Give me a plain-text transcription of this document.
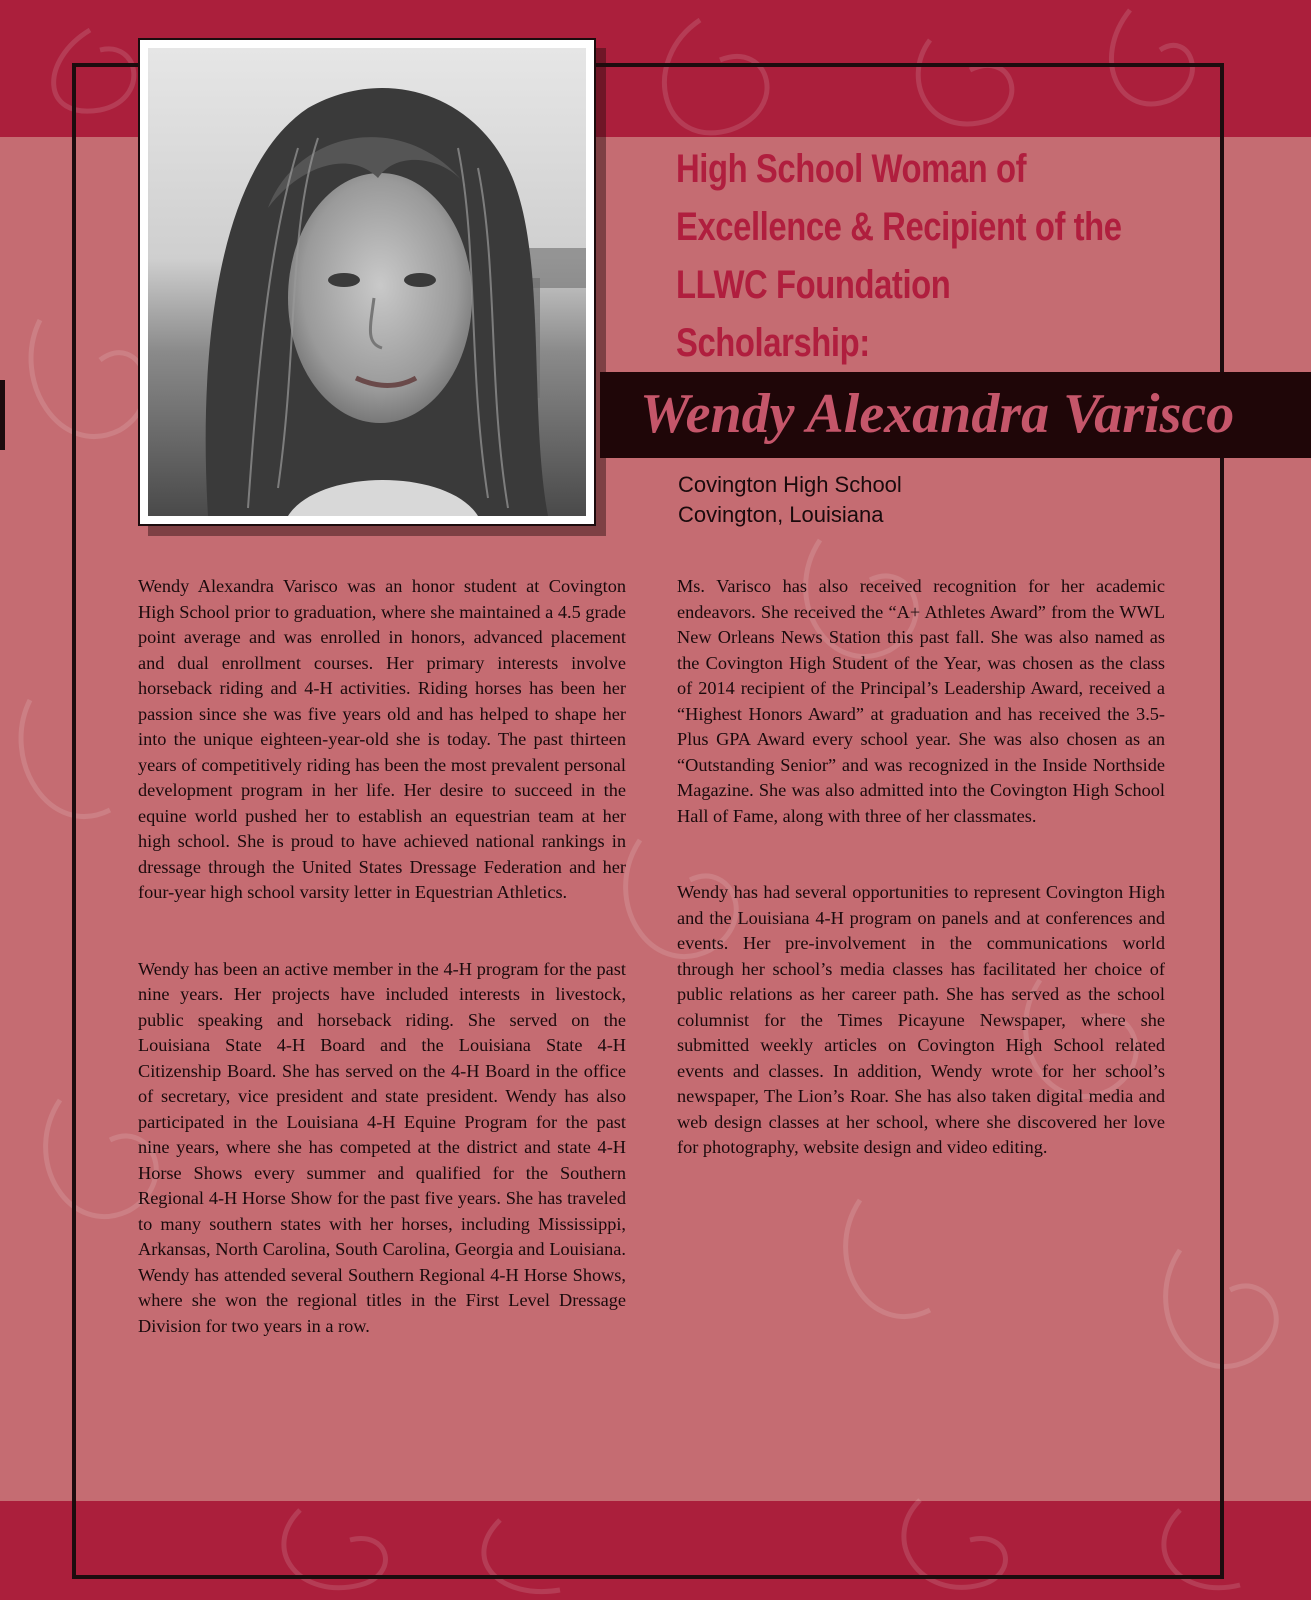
High School Woman of Excellence & Recipient of the LLWC Foundation Scholarship:
Wendy Alexandra Varisco
Covington High School
Covington, Louisiana

Wendy Alexandra Varisco was an honor student at Covington High School prior to graduation, where she maintained a 4.5 grade point average and was enrolled in honors, advanced placement and dual enrollment courses. Her primary interests involve horseback riding and 4-H activities. Riding horses has been her passion since she was five years old and has helped to shape her into the unique eighteen-year-old she is today. The past thirteen years of competitively riding has been the most prevalent personal development program in her life. Her desire to succeed in the equine world pushed her to establish an equestrian team at her high school. She is proud to have achieved national rankings in dressage through the United States Dressage Federation and her four-year high school varsity letter in Equestrian Athletics.

Wendy has been an active member in the 4-H program for the past nine years. Her projects have included interests in livestock, public speaking and horseback riding. She served on the Louisiana State 4-H Board and the Louisiana State 4-H Citizenship Board. She has served on the 4-H Board in the office of secretary, vice president and state president. Wendy has also participated in the Louisiana 4-H Equine Program for the past nine years, where she has competed at the district and state 4-H Horse Shows every summer and qualified for the Southern Regional 4-H Horse Show for the past five years. She has traveled to many southern states with her horses, including Mississippi, Arkansas, North Carolina, South Carolina, Georgia and Louisiana. Wendy has attended several Southern Regional 4-H Horse Shows, where she won the regional titles in the First Level Dressage Division for two years in a row.

Ms. Varisco has also received recognition for her academic endeavors. She received the “A+ Athletes Award” from the WWL New Orleans News Station this past fall. She was also named as the Covington High Student of the Year, was chosen as the class of 2014 recipient of the Principal’s Leadership Award, received a “Highest Honors Award” at graduation and has received the 3.5-Plus GPA Award every school year. She was also chosen as an “Outstanding Senior” and was recognized in the Inside Northside Magazine. She was also admitted into the Covington High School Hall of Fame, along with three of her classmates.

Wendy has had several opportunities to represent Covington High and the Louisiana 4-H program on panels and at conferences and events. Her pre-involvement in the communications world through her school’s media classes has facilitated her choice of public relations as her career path. She has served as the school columnist for the Times Picayune Newspaper, where she submitted weekly articles on Covington High School related events and classes. In addition, Wendy wrote for her school’s newspaper, The Lion’s Roar. She has also taken digital media and web design classes at her school, where she discovered her love for photography, website design and video editing.
